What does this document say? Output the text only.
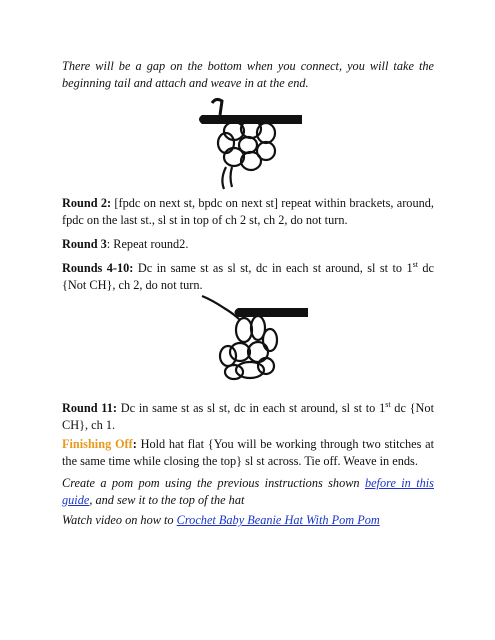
There will be a gap on the bottom when you connect, you will take the beginning tail and attach and weave in at the end.

Round 2: [fpdc on next st, bpdc on next st] repeat within brackets, around, fpdc on the last st., sl st in top of ch 2 st, ch 2, do not turn.

Round 3: Repeat round2.

Rounds 4-10: Dc in same st as sl st, dc in each st around, sl st to 1st dc {Not CH}, ch 2, do not turn.

Round 11: Dc in same st as sl st, dc in each st around, sl st to 1st dc {Not CH}, ch 1.

Finishing Off: Hold hat flat {You will be working through two stitches at the same time while closing the top} sl st across. Tie off. Weave in ends.

Create a pom pom using the previous instructions shown before in this guide, and sew it to the top of the hat

Watch video on how to Crochet Baby Beanie Hat With Pom Pom
